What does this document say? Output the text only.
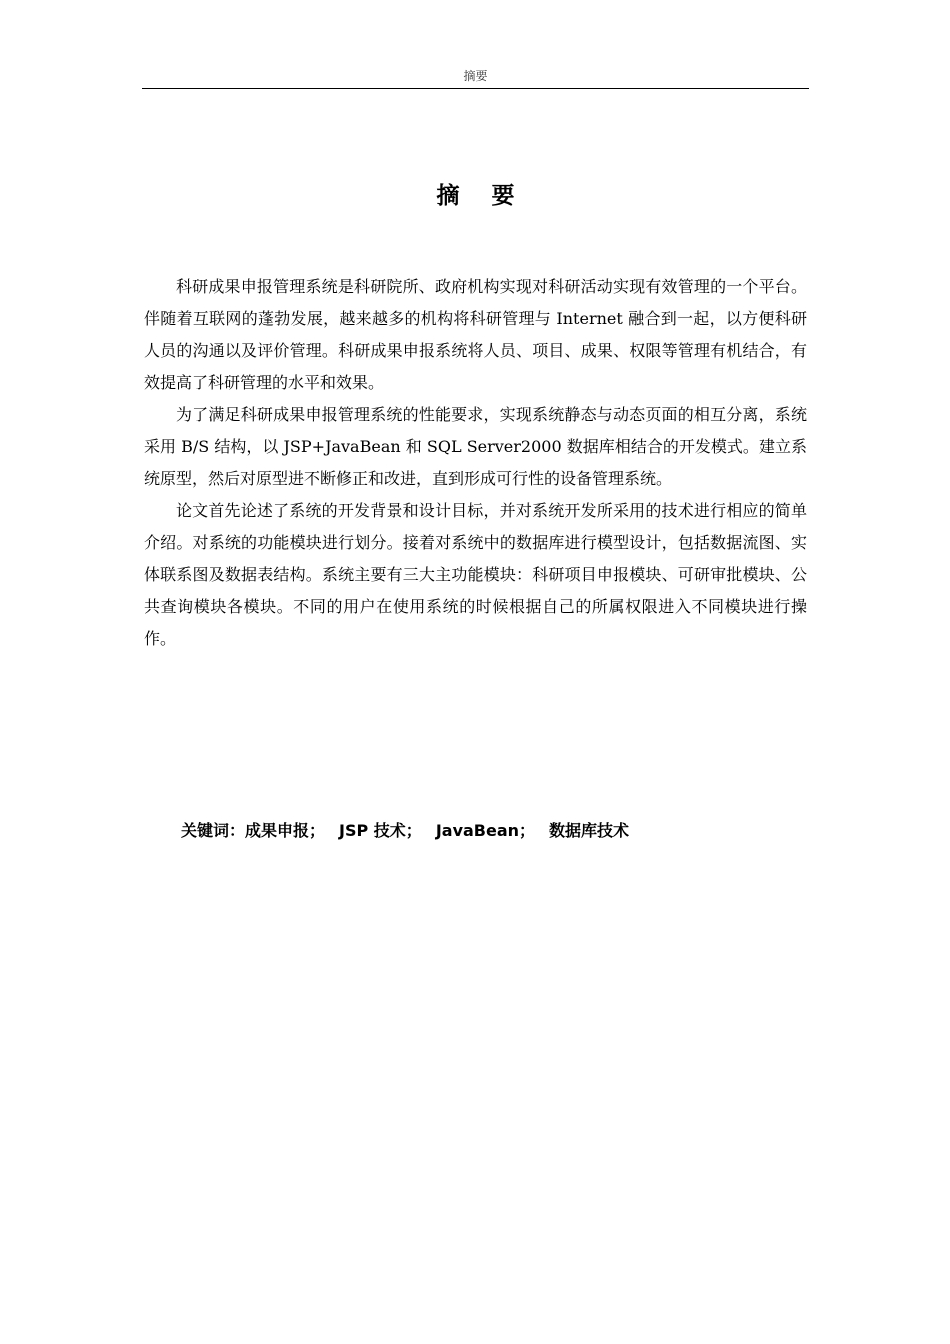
摘要
摘 要

科研成果申报管理系统是科研院所、政府机构实现对科研活动实现有效管理的一个平台。伴随着互联网的蓬勃发展，越来越多的机构将科研管理与 Internet 融合到一起，以方便科研人员的沟通以及评价管理。科研成果申报系统将人员、项目、成果、权限等管理有机结合，有效提高了科研管理的水平和效果。

为了满足科研成果申报管理系统的性能要求，实现系统静态与动态页面的相互分离，系统采用 B/S 结构，以 JSP+JavaBean 和 SQL Server2000 数据库相结合的开发模式。建立系统原型，然后对原型进不断修正和改进，直到形成可行性的设备管理系统。

论文首先论述了系统的开发背景和设计目标，并对系统开发所采用的技术进行相应的简单介绍。对系统的功能模块进行划分。接着对系统中的数据库进行模型设计，包括数据流图、实体联系图及数据表结构。系统主要有三大主功能模块：科研项目申报模块、可研审批模块、公共查询模块各模块。不同的用户在使用系统的时候根据自己的所属权限进入不同模块进行操作。

关键词：成果申报； JSP 技术； JavaBean； 数据库技术
